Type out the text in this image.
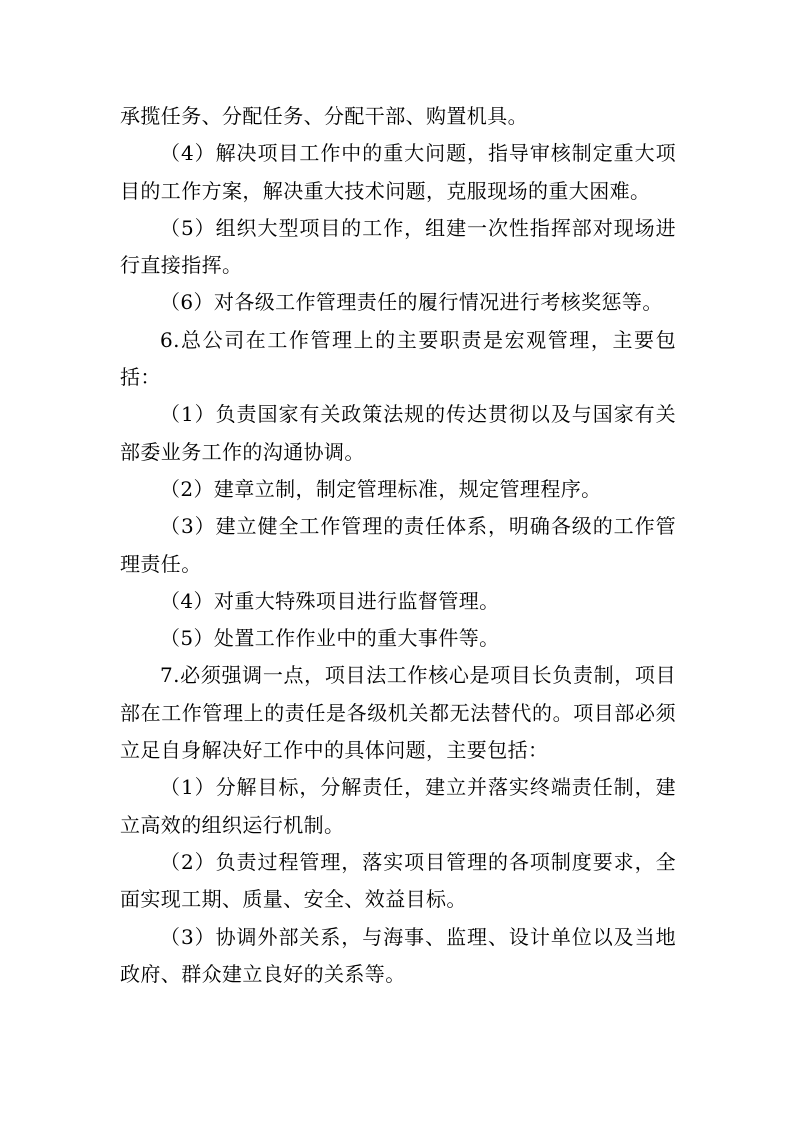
承揽任务、分配任务、分配干部、购置机具。

（4）解决项目工作中的重大问题，指导审核制定重大项目的工作方案，解决重大技术问题，克服现场的重大困难。

（5）组织大型项目的工作，组建一次性指挥部对现场进行直接指挥。

（6）对各级工作管理责任的履行情况进行考核奖惩等。

6.总公司在工作管理上的主要职责是宏观管理，主要包括：

（1）负责国家有关政策法规的传达贯彻以及与国家有关部委业务工作的沟通协调。

（2）建章立制，制定管理标准，规定管理程序。

（3）建立健全工作管理的责任体系，明确各级的工作管理责任。

（4）对重大特殊项目进行监督管理。

（5）处置工作作业中的重大事件等。

7.必须强调一点，项目法工作核心是项目长负责制，项目部在工作管理上的责任是各级机关都无法替代的。项目部必须立足自身解决好工作中的具体问题，主要包括：

（1）分解目标，分解责任，建立并落实终端责任制，建立高效的组织运行机制。

（2）负责过程管理，落实项目管理的各项制度要求，全面实现工期、质量、安全、效益目标。

（3）协调外部关系，与海事、监理、设计单位以及当地政府、群众建立良好的关系等。
